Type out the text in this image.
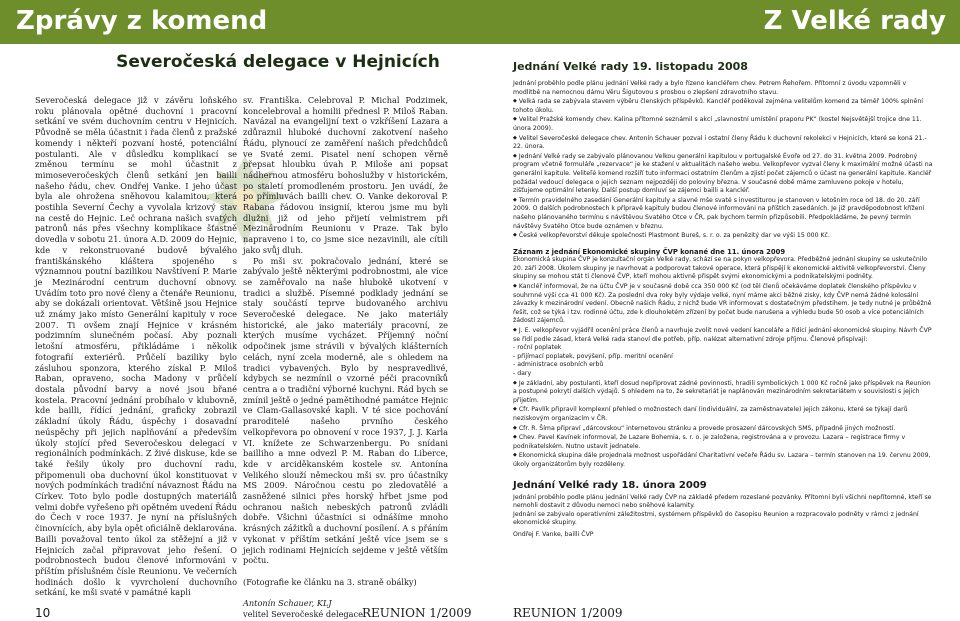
Zprávy z komend	Z Velké rady
Severočeská delegace v Hejnicích	Jednání Velké rady 19. listopadu 2008

Severočeská delegace již v závěru loňského roku plánovala opětné duchovní i pracovní setkání ve svém duchovním centru v Hejnicích. Původně se měla účastnit i řada členů z pražské komendy i někteří pozvaní hosté, potenciální postulanti. Ale v důsledku komplikací se změnou termínu se mohl účastnit z mimoseveročeských členů setkání jen bailli našeho řádu, chev. Ondřej Vanke. I jeho účast byla ale ohrožena sněhovou kalamitou, která postihla Severní Čechy a vyvolala krizový stav na cestě do Hejnic. Leč ochrana našich svatých patronů nás přes všechny komplikace šťastně dovedla v sobotu 21. února A.D. 2009 do Hejnic, kde v rekonstruované budově bývalého františkánského kláštera spojeného s významnou poutní bazilikou Navštívení P. Marie je Mezinárodní centrum duchovní obnovy. Uvádím toto pro nové členy a čtenáře Reunionu, aby se dokázali orientovat. Většině jsou Hejnice už známy jako místo Generální kapituly v roce 2007. Ti ovšem znají Hejnice v krásném podzimním slunečném počasí. Aby poznali letošní atmosféru, přikládáme i několik fotografií exteriérů. Průčelí baziliky bylo zásluhou sponzora, kterého získal P. Miloš Raban, opraveno, socha Madony v průčelí dostala původní barvy a nové jsou břané kostela. Pracovní jednání probíhalo v klubovně, kde bailli, řídící jednání, graficky zobrazil základní úkoly Řádu, úspěchy i dosavadní neúspěchy při jejich naplňování a především úkoly stojící před Severočeskou delegací v regionálních podmínkách. Z živé diskuse, kde se také řešily úkoly pro duchovní radu, připomenuli oba duchovní úkol konstituovat v nových podmínkách tradiční návaznost Řádu na Církev. Toto bylo podle dostupných materiálů velmi dobře vyřešeno při opětném uvedení Řádu do Čech v roce 1937. Je nyní na příslušných činovnících, aby byla opět oficiálně deklarována. Bailli považoval tento úkol za stěžejní a již v Hejnicích začal připravovat jeho řešení. O podrobnostech budou členové informováni v příštím příslušném čísle Reunionu. Ve večerních hodinách došlo k vyvrcholení duchovního setkání, ke mši svaté v památné kapli

sv. Františka. Celebroval P. Michal Podzimek, koncelebroval a homilii přednesl P. Miloš Raban. Navázal na evangelijní text o vzkříšení Lazara a zdůraznil hluboké duchovní zakotvení našeho Řádu, plynoucí ze zaměření našich předchůdců ve Svaté zemi. Pisatel není schopen věrně přepsat hloubku úvah P. Miloše ani popsat nádhernou atmosféru bohoslužby v historickém, po staletí promodleném prostoru. Jen uvádí, že po přímluvách bailli chev. O. Vanke dekoroval P. Rabana řádovou insignií, kterou jsme mu byli dlužni již od jeho přijetí velmistrem při Mezinárodním Reunionu v Praze. Tak bylo napraveno i to, co jsme sice nezavinili, ale cítili jako svůj dluh.

Po mši sv. pokračovalo jednání, které se zabývalo ještě některými podrobnostmi, ale více se zaměřovalo na naše hlubokě ukotvení v tradici a službě. Písemné podklady jednání se staly součástí teprve budovaného archivu Severočeské delegace. Ne jako materiály historické, ale jako materiály pracovní, ze kterých musíme vycházet. Příjemný noční odpočinek jsme strávili v bývalých klášterních celách, nyní zcela moderně, ale s ohledem na tradici vybavených. Bylo by nespravedlivé, kdybych se nezmínil o vzorné péči pracovníků centra a o tradiční výborné kuchyni. Rád bych se zmínil ještě o jedné pamětihodné památce Hejnic ve Clam-Gallasovské kapli. V té sice pochování praroditelé našeho prvního českého velkopřevora po obnovení v roce 1937, J. J. Karla VI. knížete ze Schwarzenbergu. Po snídani bailliho a mne odvezl P. M. Raban do Liberce, kde v arciděkanském kostele sv. Antonína Velikého slouží německou mši sv. pro účastníky MS 2009. Náročnou cestu po zledovatělé a zasněžené silnici přes horský hřbet jsme pod ochranou našich nebeských patronů zvládli dobře. Všichni účastníci si odnášíme mnoho krásných zážitků a duchovní posílení. A s přáním vykonat v příštím setkání ještě více jsem se s jejich rodinami Hejnicích sejdeme v ještě větším počtu.

(Fotografie ke článku na 3. straně obálky)

Antonín Schauer, KLJ

velitel Severočeské delegace

Jednání proběhlo podle plánu jednání Velké rady a bylo řízeno kancléřem chev. Petrem Řehořem. Přítomní z úvodu vzpomněli v modlitbě na nemocnou dámu Věru Šigutovou s prosbou o zlepšení zdravotního stavu.

◆ Velká rada se zabývala stavem výběru členských příspěvků. Kancléř poděkoval zejména velitelům komend za téměř 100% splnění tohoto úkolu.

◆ Velitel Pražské komendy chev. Kalina přítomné seznámil s akcí „slavnostní umístění praporu PK“ (kostel Nejsvětější trojice dne 11. února 2009).

◆ Velitel Severočeské delegace chev. Antonín Schauer pozval i ostatní členy Řádu k duchovní rekolekci v Hejnicích, které se koná 21.- 22. února.

◆ Jednání Velké rady se zabývalo plánovanou Velkou generální kapitulou v portugalské Évoře od 27. do 31. května 2009. Podrobný program včetně formuláře „rezervace“ je ke stažení v aktualitách našeho webu. Velkopřevor vyzval členy k maximální možné účasti na generální kapitule. Veliteľé komend rozšíří tuto informaci ostatním členům a zjistí počet zájemců o účast na generální kapitule. Kancléř požádal vedoucí delegace o jejich seznam nejpozději do poloviny března. V současné době máme zamluveno pokoje v hotelu, zišťujeme optimální letenky. Další postup domluví se zájemci bailli a kancléř.

◆ Termín pravidelného zasedání Generální kapituly a slavné mše svaté s investiturou je stanoven v letošním roce od 18. do 20. září 2009. O dalších podrobnostech k přípravě kapituly budou členové informováni na příštích zasedáních. Je již pravděpodobnost křížení našeho plánovaného termínu s návštěvou Svatého Otce v ČR, pak bychom termín přizpůsobili. Předpokládáme, že pevný termín návštěvy Svatého Otce bude oznámen v březnu.

◆ České velkopřevorství děkuje společnosti Plastmont Bureš, s. r. o. za penězitý dar ve výši 15 000 Kč.

Záznam z jednání Ekonomické skupiny ČVP konané dne 11. února 2009

Ekonomická skupina ČVP je konzultační orgán Velké rady, schází se na pokyn velkopřevora. Předběžné jednání skupiny se uskutečnilo 20. září 2008. Úkolem skupiny je navrhovat a podporovat takové operace, která přispějí k ekonomické aktivitě velkopřevorství. Členy skupiny se mohou stát ti členové ČVP, kteří mohou aktivně přispět svými ekonomickými a podnikatelskými podněty.

◆ Kancléř informoval, že na účtu ČVP je v současné době cca 350 000 Kč (od těl členů očekáváme doplatek členského příspěvku v souhrnné výši cca 41 000 Kč). Za poslední dva roky byly výdaje velké, nyní máme akci běžné zisky, kdy ČVP nemá žádné kolosální závazky k mezinárodní vedení. Obecně našich Řádu, z nichž bude VR informovat s dostatečným předstihem. Je tedy nutné je průběžně řešit, což se týká i tzv. rodinné účtu, zde k dlouholetém zřízení by počet bude narušena a výhledu bude 50 osob a více potenciálních žádostí zájemců.

◆ J. E. velkopřevor vyjádřil ocenění práce členů a navrhuje zvolit nové vedení kanceláře a řídící jednání ekonomické skupiny. Návrh ČVP se řídí podle zásad, která Velké rada stanoví dle potřeb, příp. nalézat alternativní zdroje příjmu. Členové přispívají:

- roční poplatek

- přijímací poplatek, povýšení, příp. meritní ocenění

- administrace osobních erbů

- dary

◆ Je základní, aby postulanti, kteří dosud nepřiprovat zádné povinnosti, hradili symbolických 1 000 Kč ročně jako příspěvek na Reunion a postupné pokrytí dalších výdajů. S ohledem na to, že sekretariát je naplánován mezinárodním sekretariátem v souvislosti s jejich přijetím.

◆ Cfr. Pavlík připravil komplexní přehled o možnostech daní (individuální, za zaměstnavatele) jejich zákonu, které se týkají darů neziskovým organizacím v ČR.

◆ Cfr. R. Šíma připraví „dárcovskou“ internetovou stránku a provede prosazení dárcovských SMS, případně jiných možností.

◆ Chev. Pavel Kavínek informoval, že Lazare Bohemia, s. r. o. je založena, registrována a v provozu. Lazara – registrace firmy v podnikatelském. Nutno ustavit jednatele.

◆ Ekonomická skupina dále projednala možnost uspořádání Charitativní večeře Řádu sv. Lazara – termín stanoven na 19. červnu 2009, úkoly organizátorům byly rozděleny.

Jednání Velké rady 18. února 2009

Jednání proběhlo podle plánu jednání Velké rady ČVP na základě předem rozeslané pozvánky. Přítomni byli všichni nepřítomné, kteří se nemohli dostavit z důvodu nemoci nebo sněhové kalamity.

Jednání se zabývalo operativními záležitostmi, systémem příspěvků do časopisu Reunion a rozpracovalo podněty v rámci z jednání ekonomické skupiny.

Ondřej F. Vanke, bailli ČVP

10	REUNION 1/2009	REUNION 1/2009
